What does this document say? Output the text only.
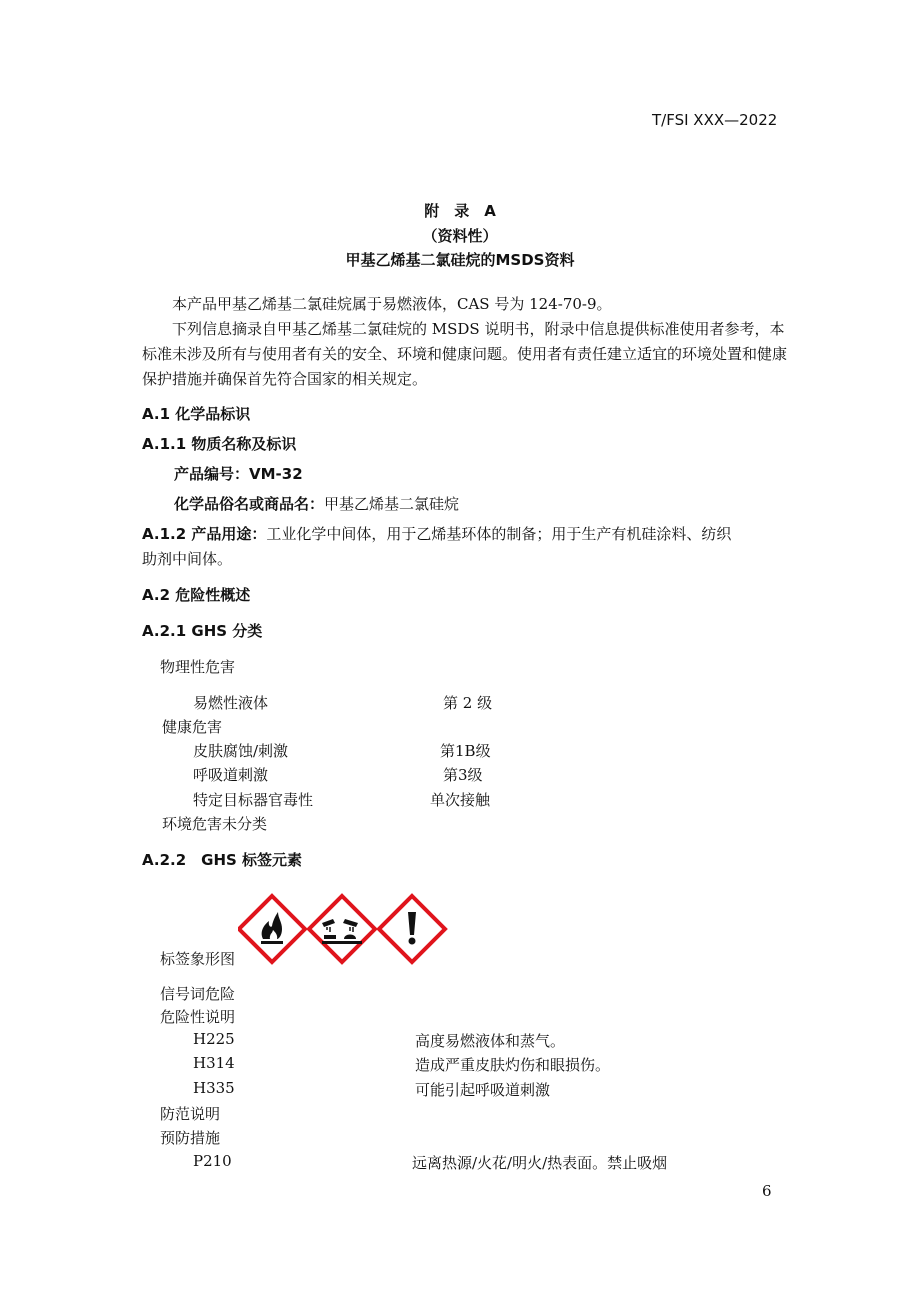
T/FSI XXX—2022
附　录　A
（资料性）
甲基乙烯基二氯硅烷的MSDS资料
本产品甲基乙烯基二氯硅烷属于易燃液体，CAS 号为 124-70-9。
下列信息摘录自甲基乙烯基二氯硅烷的 MSDS 说明书，附录中信息提供标准使用者参考，本标准未涉及所有与使用者有关的安全、环境和健康问题。使用者有责任建立适宜的环境处置和健康保护措施并确保首先符合国家的相关规定。
A.1 化学品标识
A.1.1 物质名称及标识
产品编号：VM-32
化学品俗名或商品名：甲基乙烯基二氯硅烷
A.1.2 产品用途：工业化学中间体，用于乙烯基环体的制备；用于生产有机硅涂料、纺织
助剂中间体。
A.2 危险性概述
A.2.1 GHS 分类
物理性危害
易燃性液体	第 2 级
健康危害
皮肤腐蚀/刺激	第1B级
呼吸道刺激	第3级
特定目标器官毒性	单次接触
环境危害未分类
A.2.2　GHS 标签元素
标签象形图
信号词危险
危险性说明
H225	高度易燃液体和蒸气。
H314	造成严重皮肤灼伤和眼损伤。
H335	可能引起呼吸道刺激
防范说明
预防措施
P210	远离热源/火花/明火/热表面。禁止吸烟
6
